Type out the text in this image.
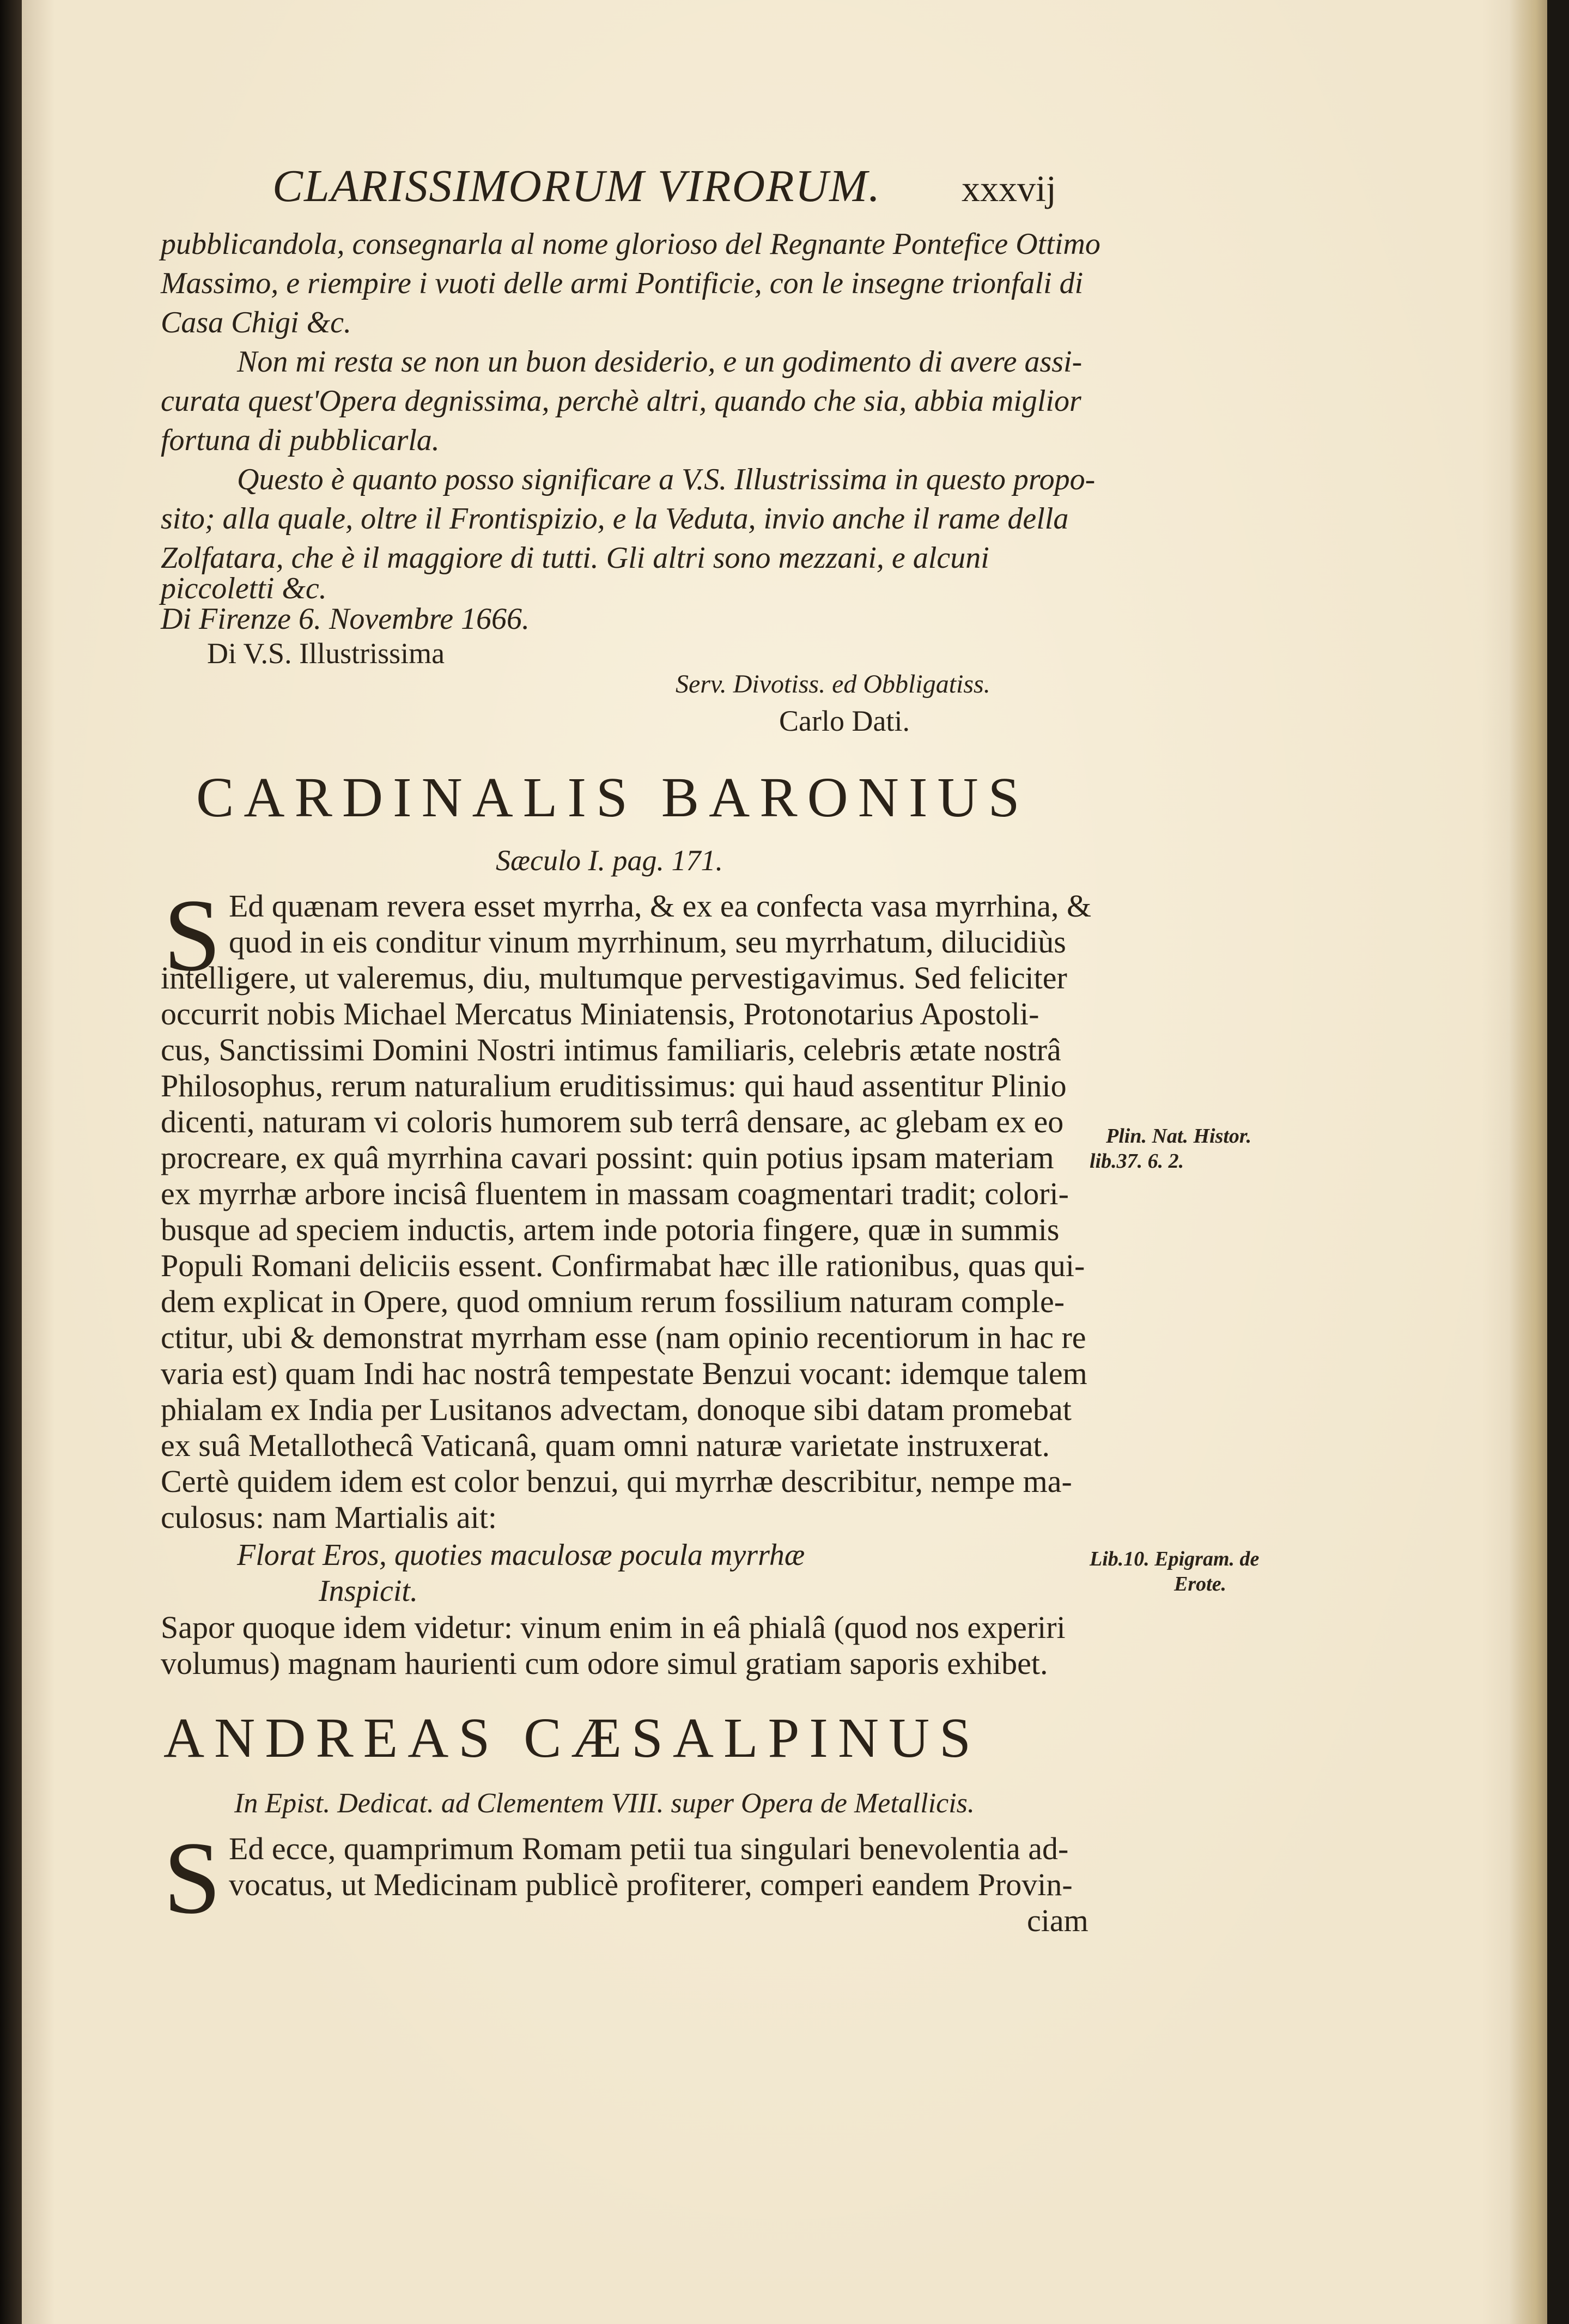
CLARISSIMORUM VIRORUM. xxxvij
pubblicandola, consegnarla al nome glorioso del Regnante Pontefice Ottimo
Massimo, e riempire i vuoti delle armi Pontificie, con le insegne trionfali di
Casa Chigi &c.
Non mi resta se non un buon desiderio, e un godimento di avere assi-
curata quest'Opera degnissima, perchè altri, quando che sia, abbia miglior
fortuna di pubblicarla.
Questo è quanto posso significare a V.S. Illustrissima in questo propo-
sito; alla quale, oltre il Frontispizio, e la Veduta, invio anche il rame della
Zolfatara, che è il maggiore di tutti. Gli altri sono mezzani, e alcuni
piccoletti &c.
Di Firenze 6. Novembre 1666.
Di V.S. Illustrissima
Serv. Divotiss. ed Obbligatiss.
Carlo Dati.
CARDINALIS BARONIUS
Sæculo I. pag. 171.
S Ed quænam revera esset myrrha, & ex ea confecta vasa myrrhina, &
quod in eis conditur vinum myrrhinum, seu myrrhatum, dilucidiùs
intelligere, ut valeremus, diu, multumque pervestigavimus. Sed feliciter
occurrit nobis Michael Mercatus Miniatensis, Protonotarius Apostoli-
cus, Sanctissimi Domini Nostri intimus familiaris, celebris ætate nostrâ
Philosophus, rerum naturalium eruditissimus: qui haud assentitur Plinio
dicenti, naturam vi coloris humorem sub terrâ densare, ac glebam ex eo
procreare, ex quâ myrrhina cavari possint: quin potius ipsam materiam
ex myrrhæ arbore incisâ fluentem in massam coagmentari tradit; colori-
busque ad speciem inductis, artem inde potoria fingere, quæ in summis
Populi Romani deliciis essent. Confirmabat hæc ille rationibus, quas qui-
dem explicat in Opere, quod omnium rerum fossilium naturam comple-
ctitur, ubi & demonstrat myrrham esse (nam opinio recentiorum in hac re
varia est) quam Indi hac nostrâ tempestate Benzui vocant: idemque talem
phialam ex India per Lusitanos advectam, donoque sibi datam promebat
ex suâ Metallothecâ Vaticanâ, quam omni naturæ varietate instruxerat.
Certè quidem idem est color benzui, qui myrrhæ describitur, nempe ma-
culosus: nam Martialis ait:
Florat Eros, quoties maculosæ pocula myrrhæ
Inspicit.
Sapor quoque idem videtur: vinum enim in eâ phialâ (quod nos experiri
volumus) magnam haurienti cum odore simul gratiam saporis exhibet.
Plin. Nat. Histor.
lib.37. 6. 2.
Lib.10. Epigram. de
Erote.
ANDREAS CÆSALPINUS
In Epist. Dedicat. ad Clementem VIII. super Opera de Metallicis.
S Ed ecce, quamprimum Romam petii tua singulari benevolentia ad-
vocatus, ut Medicinam publicè profiterer, comperi eandem Provin-
ciam
